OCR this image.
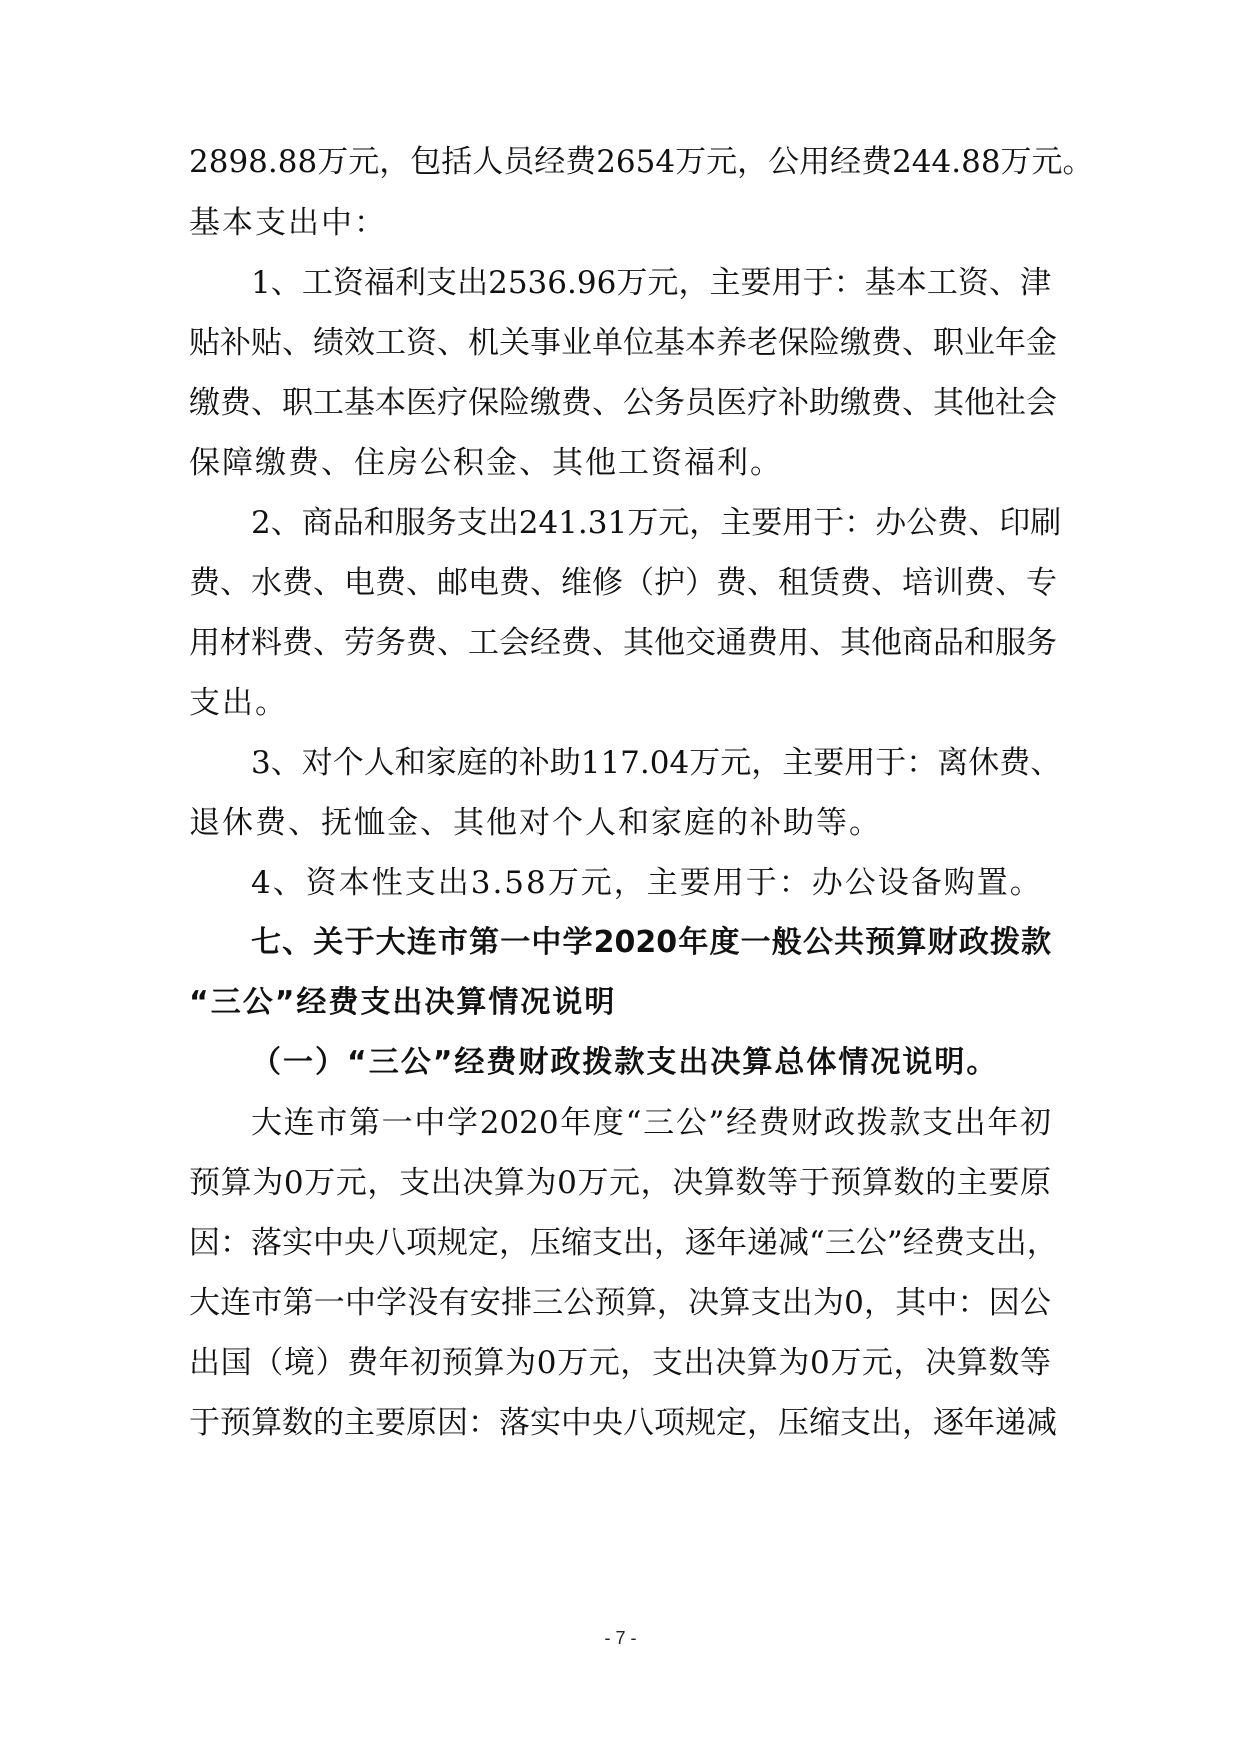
2898.88万元，包括人员经费2654万元，公用经费244.88万元。
基本支出中：
1、工资福利支出2536.96万元，主要用于：基本工资、津
贴补贴、绩效工资、机关事业单位基本养老保险缴费、职业年金
缴费、职工基本医疗保险缴费、公务员医疗补助缴费、其他社会
保障缴费、住房公积金、其他工资福利。
2、商品和服务支出241.31万元，主要用于：办公费、印刷
费、水费、电费、邮电费、维修（护）费、租赁费、培训费、专
用材料费、劳务费、工会经费、其他交通费用、其他商品和服务
支出。
3、对个人和家庭的补助117.04万元，主要用于：离休费、
退休费、抚恤金、其他对个人和家庭的补助等。
4、资本性支出3.58万元，主要用于：办公设备购置。
七、关于大连市第一中学2020年度一般公共预算财政拨款
“三公”经费支出决算情况说明
（一）“三公”经费财政拨款支出决算总体情况说明。
大连市第一中学2020年度“三公”经费财政拨款支出年初
预算为0万元，支出决算为0万元，决算数等于预算数的主要原
因：落实中央八项规定，压缩支出，逐年递减“三公”经费支出，
大连市第一中学没有安排三公预算，决算支出为0，其中：因公
出国（境）费年初预算为0万元，支出决算为0万元，决算数等
于预算数的主要原因：落实中央八项规定，压缩支出，逐年递减
- 7 -
